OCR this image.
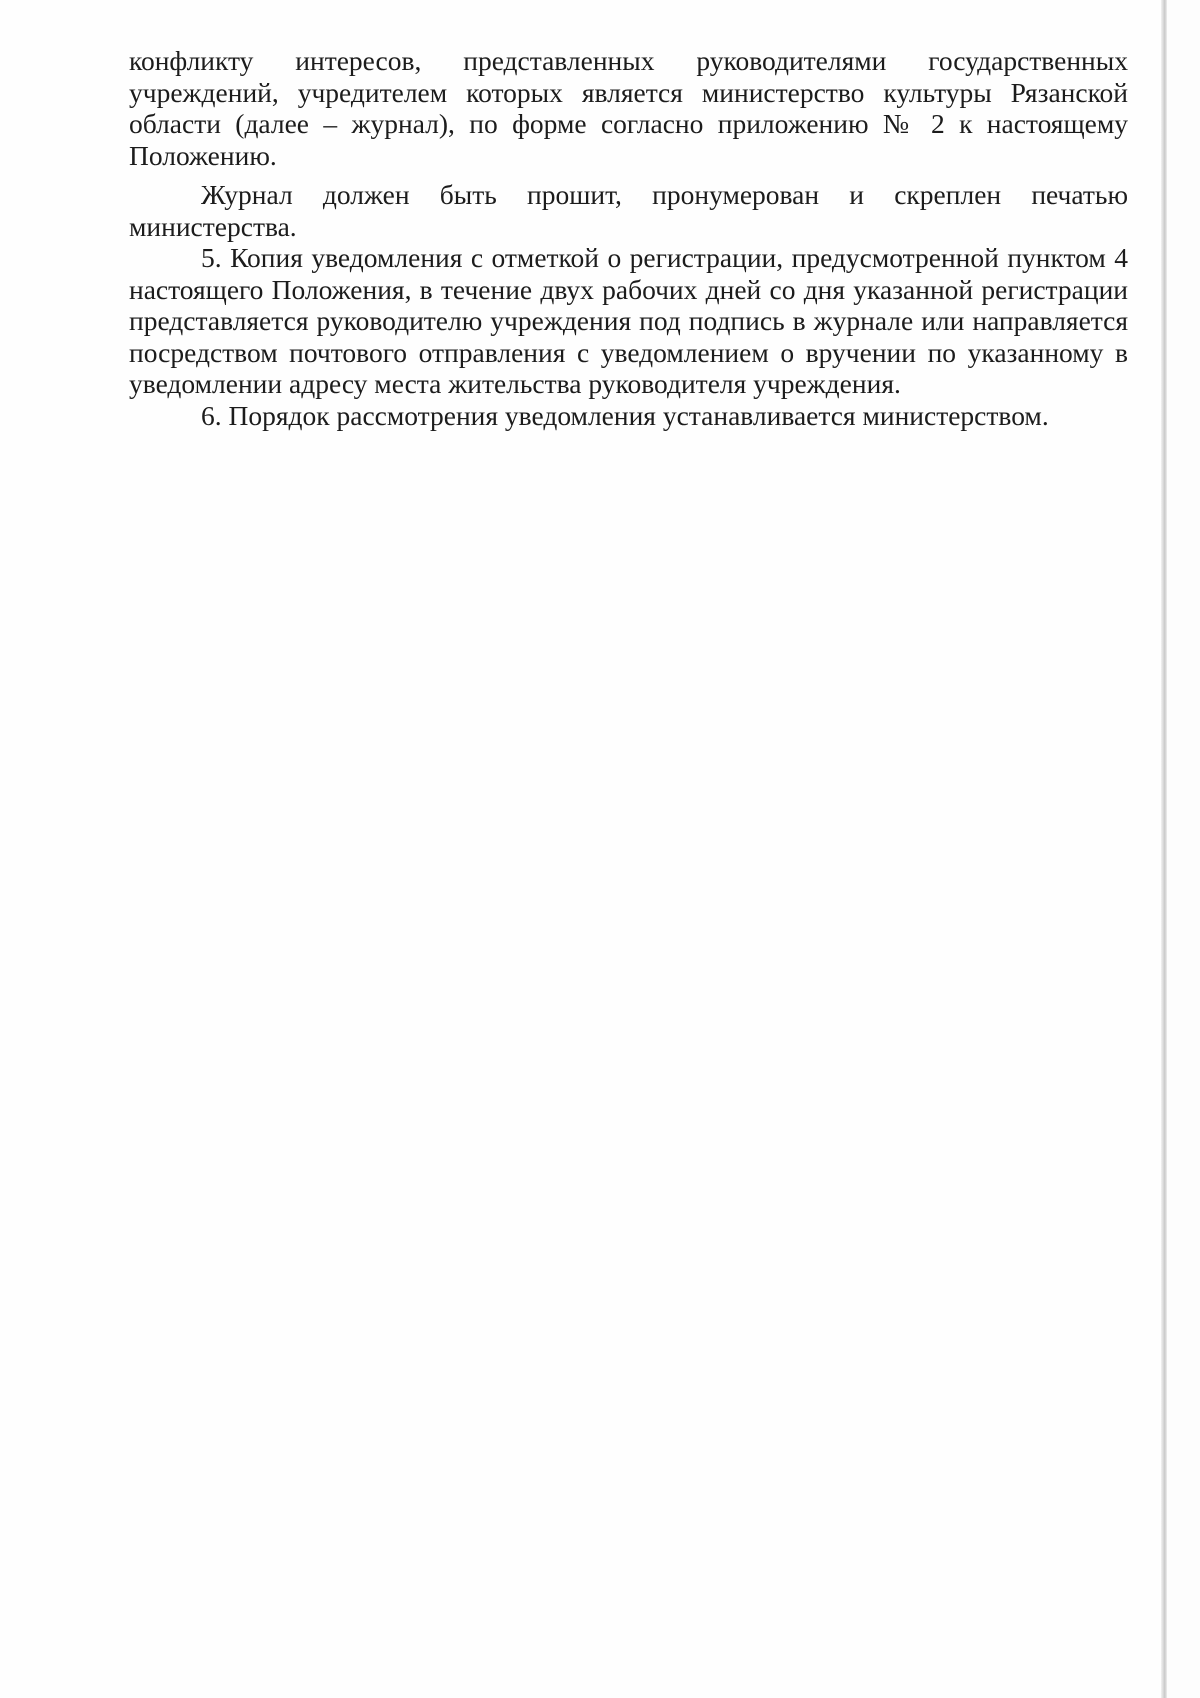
конфликту интересов, представленных руководителями государственных учреждений, учредителем которых является министерство культуры Рязанской области (далее – журнал), по форме согласно приложению № 2 к настоящему Положению.

Журнал должен быть прошит, пронумерован и скреплен печатью министерства.

5. Копия уведомления с отметкой о регистрации, предусмотренной пунктом 4 настоящего Положения, в течение двух рабочих дней со дня указанной регистрации представляется руководителю учреждения под подпись в журнале или направляется посредством почтового отправления с уведомлением о вручении по указанному в уведомлении адресу места жительства руководителя учреждения.

6. Порядок рассмотрения уведомления устанавливается министерством.
